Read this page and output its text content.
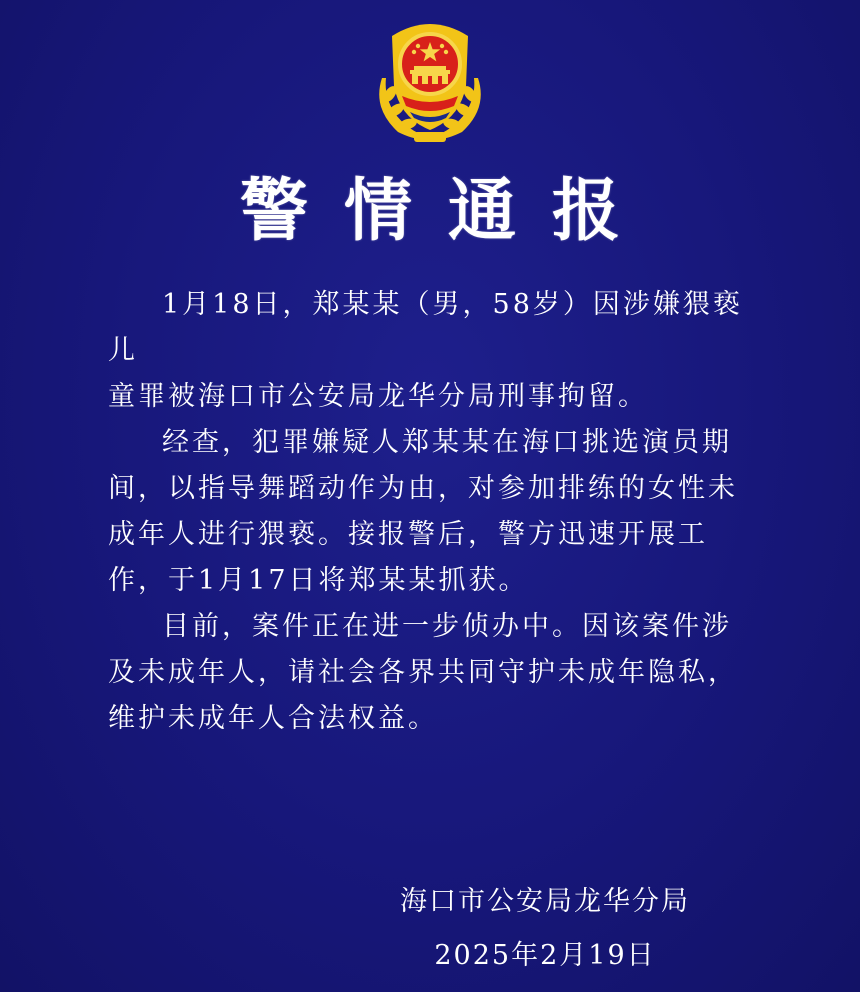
警情通报

1月18日，郑某某（男，58岁）因涉嫌猥亵儿
童罪被海口市公安局龙华分局刑事拘留。

经查，犯罪嫌疑人郑某某在海口挑选演员期
间，以指导舞蹈动作为由，对参加排练的女性未
成年人进行猥亵。接报警后，警方迅速开展工
作，于1月17日将郑某某抓获。

目前，案件正在进一步侦办中。因该案件涉
及未成年人，请社会各界共同守护未成年隐私，
维护未成年人合法权益。

海口市公安局龙华分局
2025年2月19日
